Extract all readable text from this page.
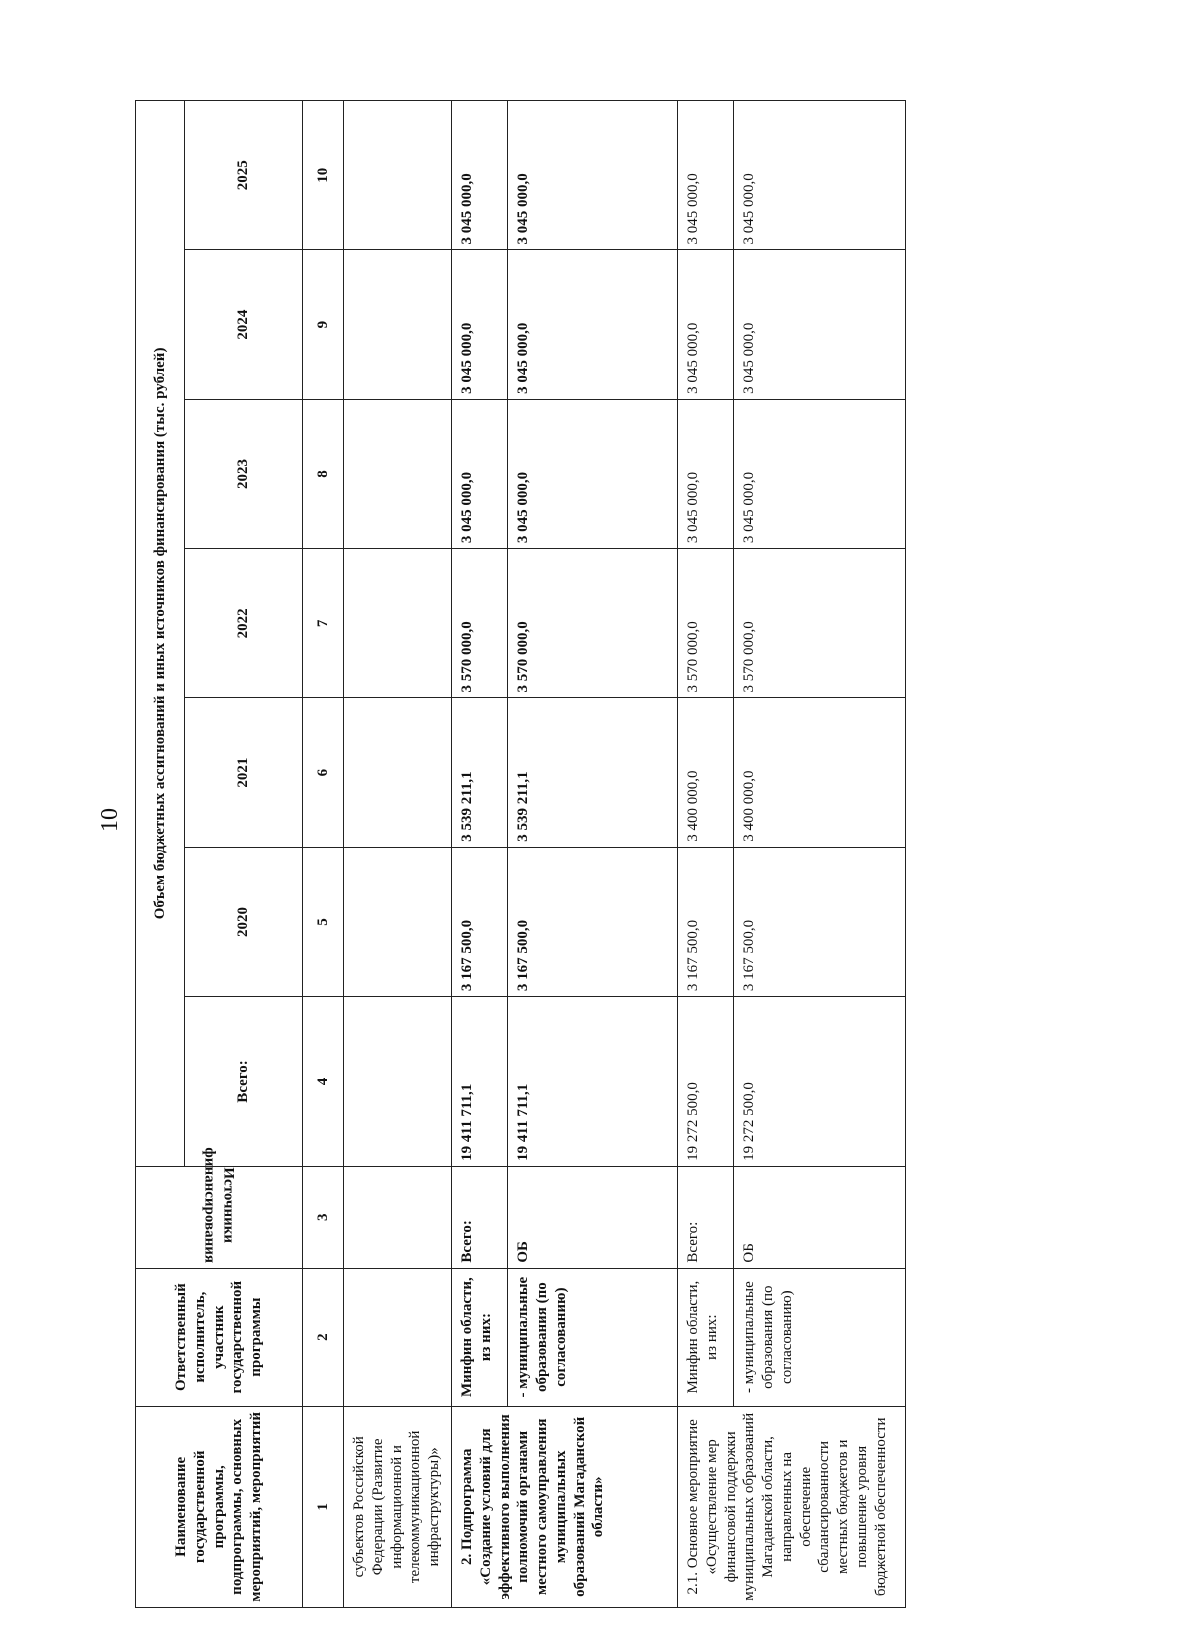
10
Наименование государственной программы, подпрограммы, основных мероприятий, мероприятий	Ответственный исполнитель, участник государственной программы	Источники финансирования	Объем бюджетных ассигнований и иных источников финансирования (тыс. рублей)						
			Всего:	2020	2021	2022	2023	2024	2025
1	2	3	4	5	6	7	8	9	10
субъектов Российской Федерации (Развитие информационной и телекоммуникационной инфраструктуры)»									
2. Подпрограмма «Создание условий для эффективного выполнения полномочий органами местного самоуправления муниципальных образований Магаданской области»	Минфин области, из них:	Всего:	19 411 711,1	3 167 500,0	3 539 211,1	3 570 000,0	3 045 000,0	3 045 000,0	3 045 000,0
	- муниципальные образования (по согласованию)	ОБ	19 411 711,1	3 167 500,0	3 539 211,1	3 570 000,0	3 045 000,0	3 045 000,0	3 045 000,0
2.1. Основное мероприятие «Осуществление мер финансовой поддержки муниципальных образований Магаданской области, направленных на обеспечение сбалансированности местных бюджетов и повышение уровня бюджетной обеспеченности	Минфин области, из них:	Всего:	19 272 500,0	3 167 500,0	3 400 000,0	3 570 000,0	3 045 000,0	3 045 000,0	3 045 000,0
	- муниципальные образования (по согласованию)	ОБ	19 272 500,0	3 167 500,0	3 400 000,0	3 570 000,0	3 045 000,0	3 045 000,0	3 045 000,0
